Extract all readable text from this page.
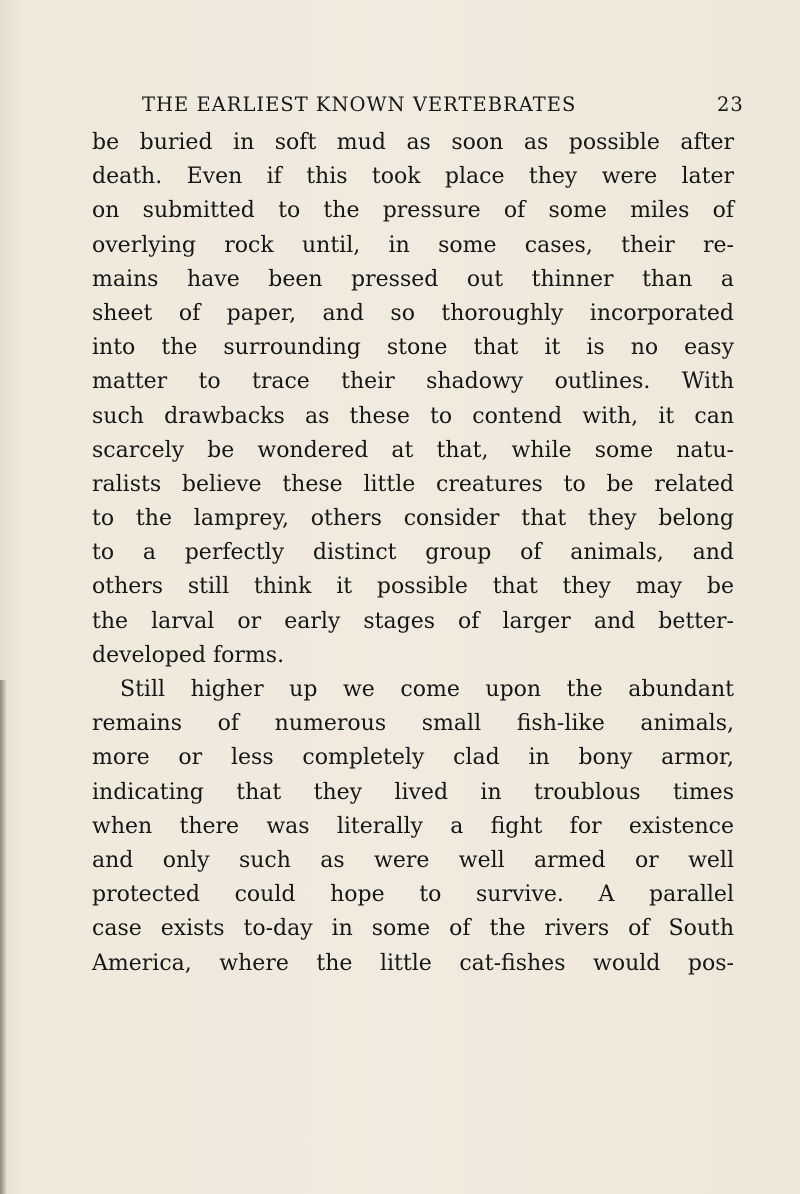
THE EARLIEST KNOWN VERTEBRATES	23
be buried in soft mud as soon as possible after
death. Even if this took place they were later
on submitted to the pressure of some miles of
overlying rock until, in some cases, their re-
mains have been pressed out thinner than a
sheet of paper, and so thoroughly incorporated
into the surrounding stone that it is no easy
matter to trace their shadowy outlines. With
such drawbacks as these to contend with, it can
scarcely be wondered at that, while some natu-
ralists believe these little creatures to be related
to the lamprey, others consider that they belong
to a perfectly distinct group of animals, and
others still think it possible that they may be
the larval or early stages of larger and better-
developed forms.
Still higher up we come upon the abundant
remains of numerous small fish-like animals,
more or less completely clad in bony armor,
indicating that they lived in troublous times
when there was literally a fight for existence
and only such as were well armed or well
protected could hope to survive. A parallel
case exists to-day in some of the rivers of South
America, where the little cat-fishes would pos-
